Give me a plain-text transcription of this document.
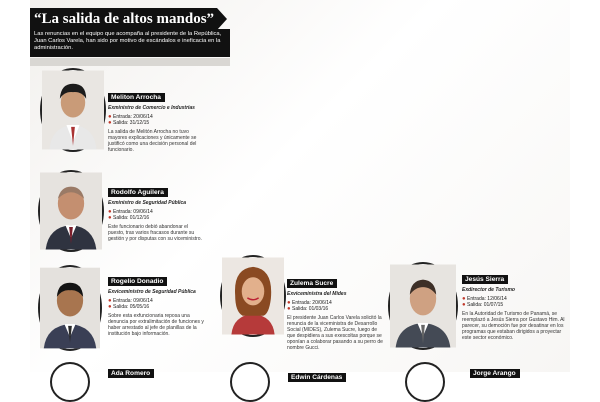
“La salida de altos mandos”
Las renuncias en el equipo que acompaña al presidente de la República, Juan Carlos Varela, han sido por motivo de escándalos e ineficacia en la administración.
Meliton Arrocha
Exministro de Comercio e Industrias
● Entrada: 20/06/14
● Salida: 31/12/15
La salida de Melitón Arrocha no tuvo mayores explicaciones y únicamente se justificó como una decisión personal del funcionario.
Rodolfo Aguilera
Exministro de Seguridad Pública
● Entrada: 09/06/14
● Salida: 01/12/16
Este funcionario debió abandonar el puesto, tras varios fracasos durante su gestión y por disputas con su viceministro.
Rogelio Donadio
Exviceministro de Seguridad Pública
● Entrada: 09/06/14
● Salida: 05/05/16
Sobre esta exfuncionaria reposa una denuncia por extralimitación de funciones y haber arrestado al jefe de planillas de la institución bajo información.
Zulema Sucre
Exviceministra del Mides
● Entrada: 20/06/14
● Salida: 01/03/16
El presidente Juan Carlos Varela solicitó la renuncia de la viceministra de Desarrollo Social (MIDES), Zulema Sucre, luego de que despidiera a sus exescoltas porque se oponían a colaborar pasando a su perro de nombre Gucci.
Jesús Sierra
Exdirector de Turismo
● Entrada: 12/06/14
● Salida: 01/07/15
En la Autoridad de Turismo de Panamá, se reemplazó a Jesús Sierra por Gustavo Him. Al parecer, su democión fue por desatinar en los programas que estaban dirigidos a proyectar este sector económico.
Ada Romero
Edwin Cárdenas
Jorge Arango
